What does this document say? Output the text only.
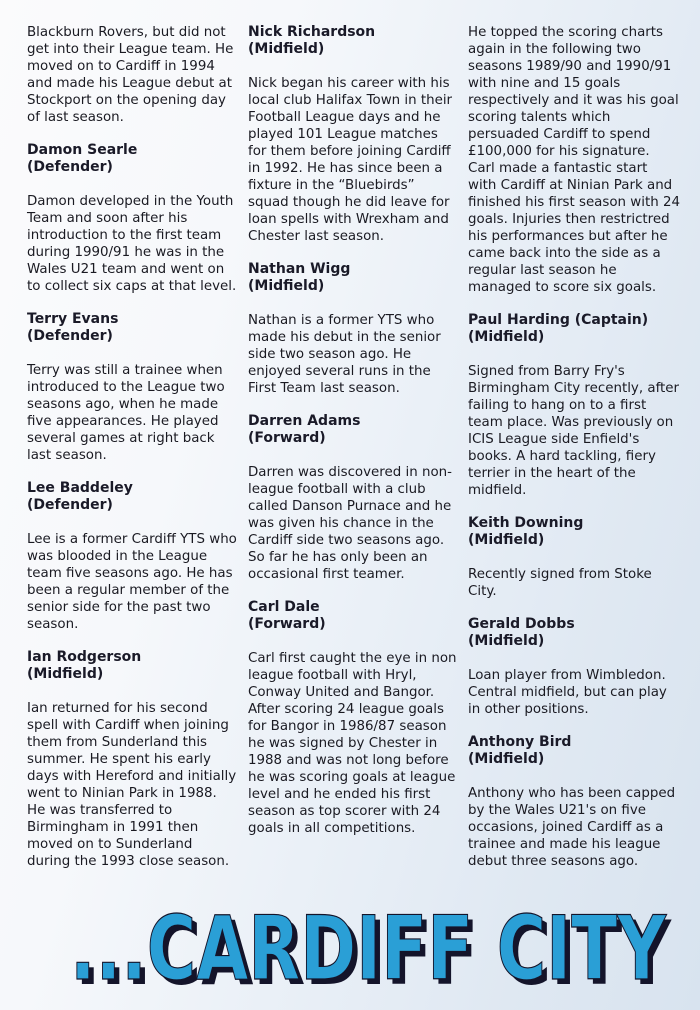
Blackburn Rovers, but did not get into their League team. He moved on to Cardiff in 1994 and made his League debut at Stockport on the opening day of last season.

Damon Searle

(Defender)

Damon developed in the Youth Team and soon after his introduction to the first team during 1990/91 he was in the Wales U21 team and went on to collect six caps at that level.

Terry Evans

(Defender)

Terry was still a trainee when introduced to the League two seasons ago, when he made five appearances. He played several games at right back last season.

Lee Baddeley

(Defender)

Lee is a former Cardiff YTS who was blooded in the League team five seasons ago. He has been a regular member of the senior side for the past two season.

Ian Rodgerson

(Midfield)

Ian returned for his second spell with Cardiff when joining them from Sunderland this summer. He spent his early days with Hereford and initially went to Ninian Park in 1988. He was transferred to Birmingham in 1991 then moved on to Sunderland during the 1993 close season.

Nick Richardson

(Midfield)

Nick began his career with his local club Halifax Town in their Football League days and he played 101 League matches for them before joining Cardiff in 1992. He has since been a fixture in the “Bluebirds” squad though he did leave for loan spells with Wrexham and Chester last season.

Nathan Wigg

(Midfield)

Nathan is a former YTS who made his debut in the senior side two season ago. He enjoyed several runs in the First Team last season.

Darren Adams

(Forward)

Darren was discovered in non-league football with a club called Danson Purnace and he was given his chance in the Cardiff side two seasons ago. So far he has only been an occasional first teamer.

Carl Dale

(Forward)

Carl first caught the eye in non league football with Hryl, Conway United and Bangor. After scoring 24 league goals for Bangor in 1986/87 season he was signed by Chester in 1988 and was not long before he was scoring goals at league level and he ended his first season as top scorer with 24 goals in all competitions.

He topped the scoring charts again in the following two seasons 1989/90 and 1990/91 with nine and 15 goals respectively and it was his goal scoring talents which persuaded Cardiff to spend £100,000 for his signature. Carl made a fantastic start with Cardiff at Ninian Park and finished his first season with 24 goals. Injuries then restrictred his performances but after he came back into the side as a regular last season he managed to score six goals.

Paul Harding (Captain)

(Midfield)

Signed from Barry Fry's Birmingham City recently, after failing to hang on to a first team place. Was previously on ICIS League side Enfield's books. A hard tackling, fiery terrier in the heart of the midfield.

Keith Downing

(Midfield)

Recently signed from Stoke City.

Gerald Dobbs

(Midfield)

Loan player from Wimbledon. Central midfield, but can play in other positions.

Anthony Bird

(Midfield)

Anthony who has been capped by the Wales U21's on five occasions, joined Cardiff as a trainee and made his league debut three seasons ago.

...CARDIFF CITY
...CARDIFF CITY
